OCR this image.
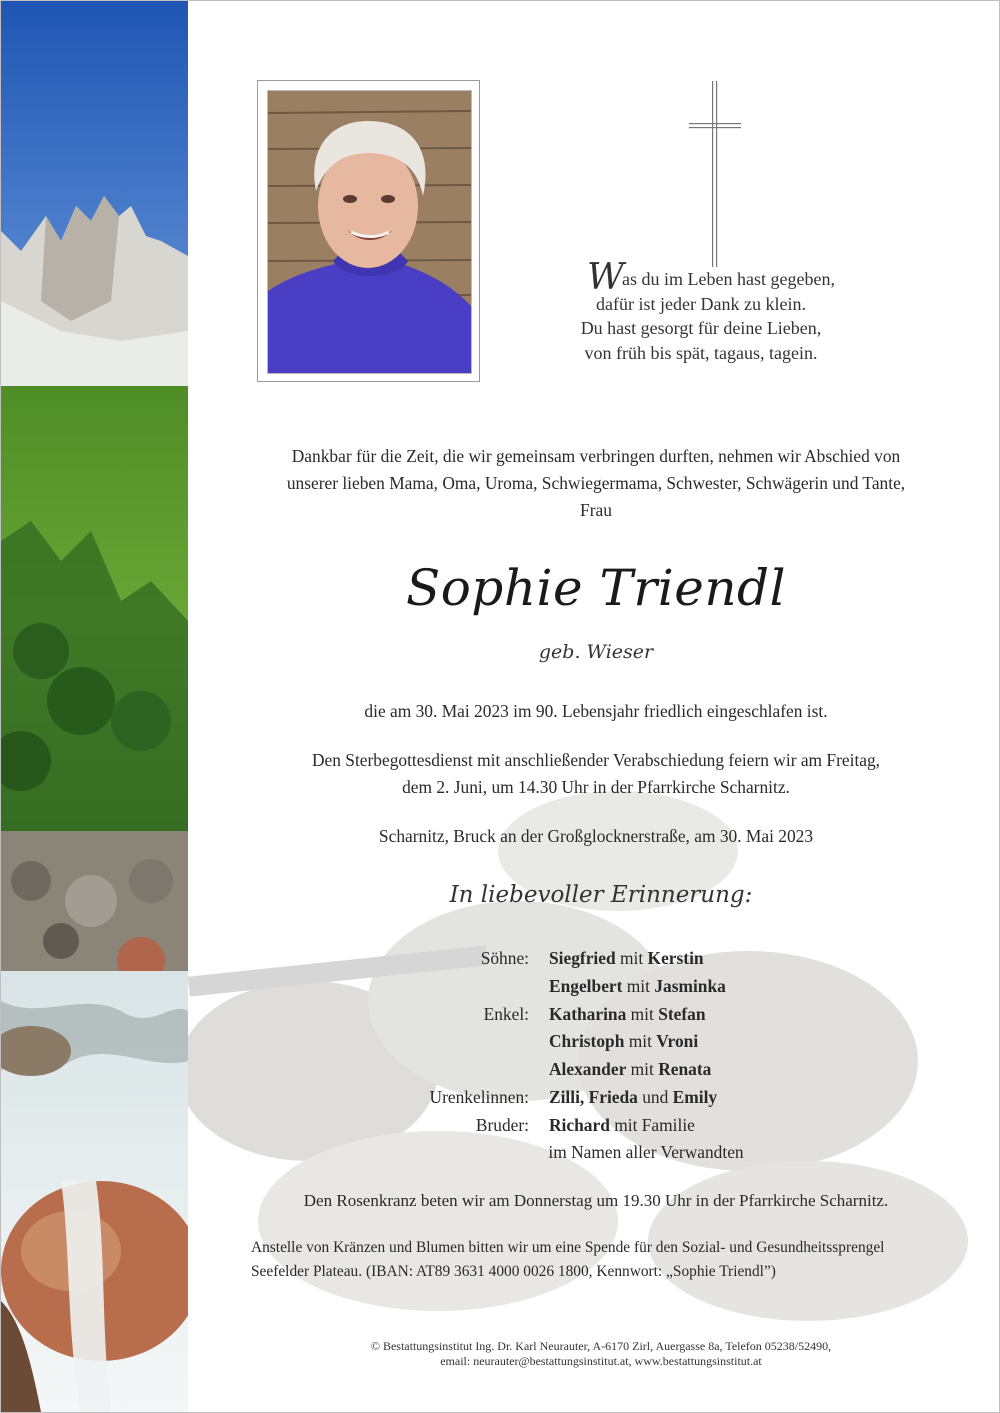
Was du im Leben hast gegeben,
dafür ist jeder Dank zu klein.
Du hast gesorgt für deine Lieben,
von früh bis spät, tagaus, tagein.
Dankbar für die Zeit, die wir gemeinsam verbringen durften, nehmen wir Abschied von
unserer lieben Mama, Oma, Uroma, Schwiegermama, Schwester, Schwägerin und Tante,
Frau
Sophie Triendl
geb. Wieser
die am 30. Mai 2023 im 90. Lebensjahr friedlich eingeschlafen ist.
Den Sterbegottesdienst mit anschließender Verabschiedung feiern wir am Freitag,
dem 2. Juni, um 14.30 Uhr in der Pfarrkirche Scharnitz.
Scharnitz, Bruck an der Großglocknerstraße, am 30. Mai 2023
In liebevoller Erinnerung:
Söhne:	Siegfried mit Kerstin
Engelbert mit Jasminka
Enkel:	Katharina mit Stefan
Christoph mit Vroni
Alexander mit Renata
Urenkelinnen:	Zilli, Frieda und Emily
Bruder:	Richard mit Familie
im Namen aller Verwandten
Den Rosenkranz beten wir am Donnerstag um 19.30 Uhr in der Pfarrkirche Scharnitz.
Anstelle von Kränzen und Blumen bitten wir um eine Spende für den Sozial- und Gesundheitssprengel
Seefelder Plateau. (IBAN: AT89 3631 4000 0026 1800, Kennwort: „Sophie Triendl”)
© Bestattungsinstitut Ing. Dr. Karl Neurauter, A-6170 Zirl, Auergasse 8a, Telefon 05238/52490,
email: neurauter@bestattungsinstitut.at, www.bestattungsinstitut.at
